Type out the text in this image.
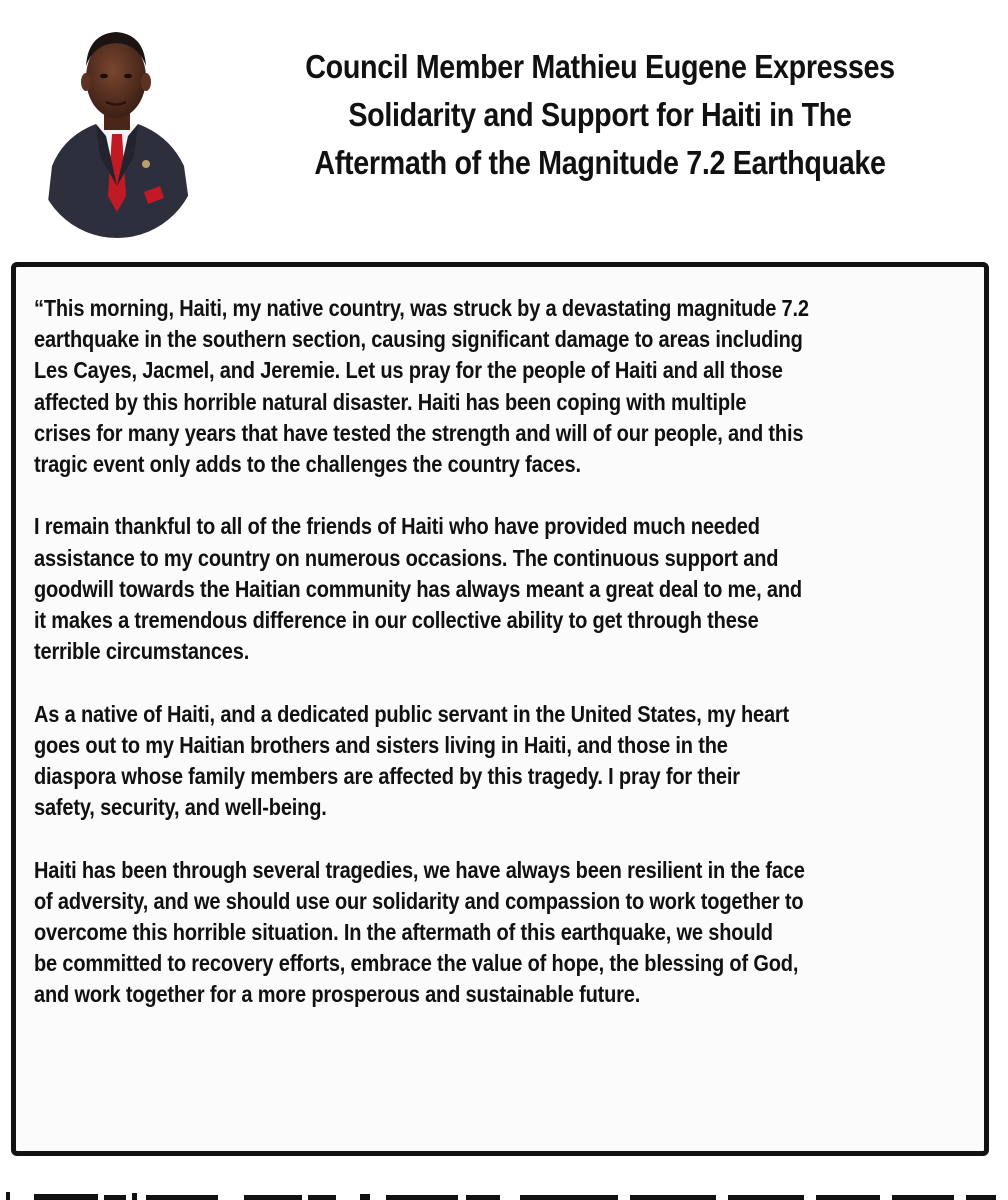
Council Member Mathieu Eugene Expresses
Solidarity and Support for Haiti in The
Aftermath of the Magnitude 7.2 Earthquake

“This morning, Haiti, my native country, was struck by a devastating magnitude 7.2
earthquake in the southern section, causing significant damage to areas including
Les Cayes, Jacmel, and Jeremie. Let us pray for the people of Haiti and all those
affected by this horrible natural disaster. Haiti has been coping with multiple
crises for many years that have tested the strength and will of our people, and this
tragic event only adds to the challenges the country faces.

I remain thankful to all of the friends of Haiti who have provided much needed
assistance to my country on numerous occasions. The continuous support and
goodwill towards the Haitian community has always meant a great deal to me, and
it makes a tremendous difference in our collective ability to get through these
terrible circumstances.

As a native of Haiti, and a dedicated public servant in the United States, my heart
goes out to my Haitian brothers and sisters living in Haiti, and those in the
diaspora whose family members are affected by this tragedy. I pray for their
safety, security, and well-being.

Haiti has been through several tragedies, we have always been resilient in the face
of adversity, and we should use our solidarity and compassion to work together to
overcome this horrible situation. In the aftermath of this earthquake, we should
be committed to recovery efforts, embrace the value of hope, the blessing of God,
and work together for a more prosperous and sustainable future.
